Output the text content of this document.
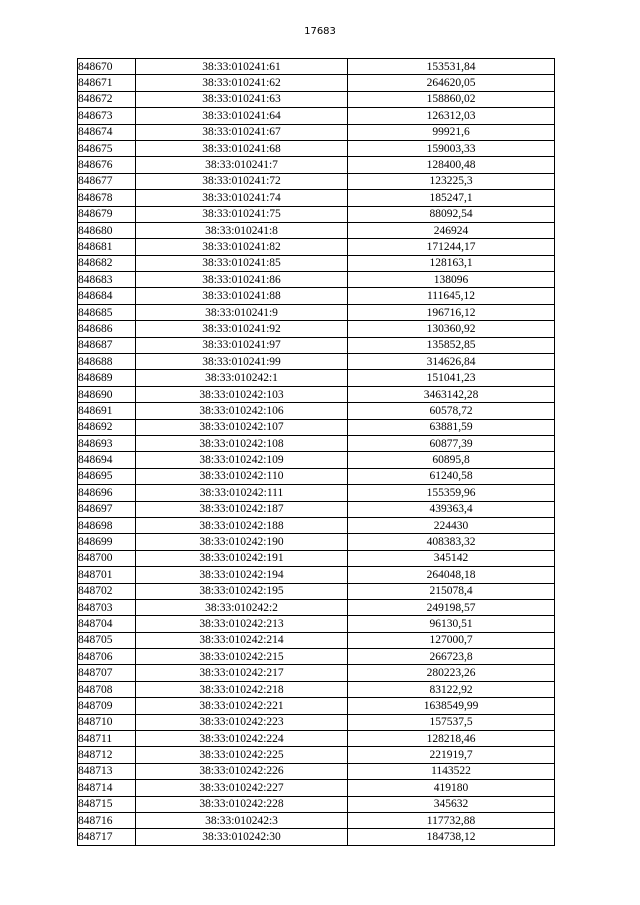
17683
848670	38:33:010241:61	153531,84
848671	38:33:010241:62	264620,05
848672	38:33:010241:63	158860,02
848673	38:33:010241:64	126312,03
848674	38:33:010241:67	99921,6
848675	38:33:010241:68	159003,33
848676	38:33:010241:7	128400,48
848677	38:33:010241:72	123225,3
848678	38:33:010241:74	185247,1
848679	38:33:010241:75	88092,54
848680	38:33:010241:8	246924
848681	38:33:010241:82	171244,17
848682	38:33:010241:85	128163,1
848683	38:33:010241:86	138096
848684	38:33:010241:88	111645,12
848685	38:33:010241:9	196716,12
848686	38:33:010241:92	130360,92
848687	38:33:010241:97	135852,85
848688	38:33:010241:99	314626,84
848689	38:33:010242:1	151041,23
848690	38:33:010242:103	3463142,28
848691	38:33:010242:106	60578,72
848692	38:33:010242:107	63881,59
848693	38:33:010242:108	60877,39
848694	38:33:010242:109	60895,8
848695	38:33:010242:110	61240,58
848696	38:33:010242:111	155359,96
848697	38:33:010242:187	439363,4
848698	38:33:010242:188	224430
848699	38:33:010242:190	408383,32
848700	38:33:010242:191	345142
848701	38:33:010242:194	264048,18
848702	38:33:010242:195	215078,4
848703	38:33:010242:2	249198,57
848704	38:33:010242:213	96130,51
848705	38:33:010242:214	127000,7
848706	38:33:010242:215	266723,8
848707	38:33:010242:217	280223,26
848708	38:33:010242:218	83122,92
848709	38:33:010242:221	1638549,99
848710	38:33:010242:223	157537,5
848711	38:33:010242:224	128218,46
848712	38:33:010242:225	221919,7
848713	38:33:010242:226	1143522
848714	38:33:010242:227	419180
848715	38:33:010242:228	345632
848716	38:33:010242:3	117732,88
848717	38:33:010242:30	184738,12
